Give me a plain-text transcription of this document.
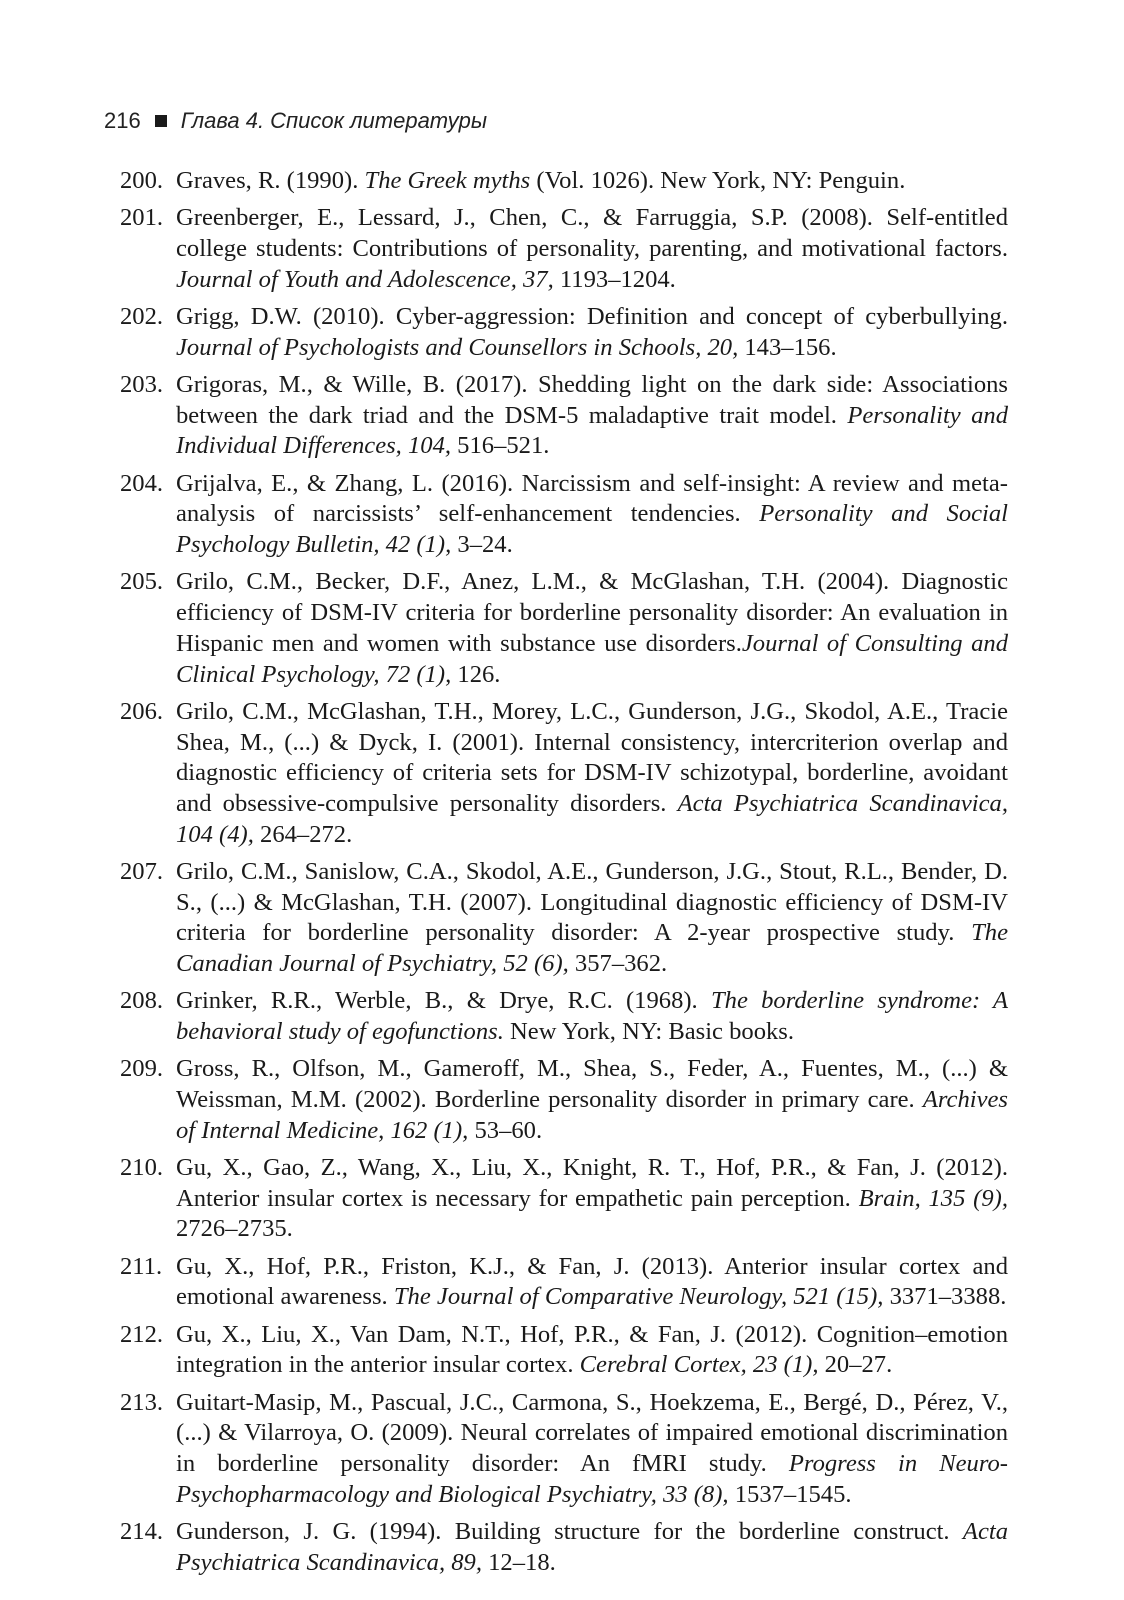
216 Глава 4. Список литературы
200. Graves, R. (1990). The Greek myths (Vol. 1026). New York, NY: Penguin.
201. Greenberger, E., Lessard, J., Chen, C., & Farruggia, S.P. (2008). Self-entitled college students: Contributions of personality, parenting, and motivational factors. Journal of Youth and Adolescence, 37, 1193–1204.
202. Grigg, D.W. (2010). Cyber-aggression: Definition and concept of cyberbullying. Journal of Psychologists and Counsellors in Schools, 20, 143–156.
203. Grigoras, M., & Wille, B. (2017). Shedding light on the dark side: Associations between the dark triad and the DSM-5 maladaptive trait model. Personality and Individual Differences, 104, 516–521.
204. Grijalva, E., & Zhang, L. (2016). Narcissism and self-insight: A review and meta-analysis of narcissists’ self-enhancement tendencies. Personality and Social Psychology Bulletin, 42 (1), 3–24.
205. Grilo, C.M., Becker, D.F., Anez, L.M., & McGlashan, T.H. (2004). Diagnostic efficiency of DSM-IV criteria for borderline personality disorder: An evaluation in Hispanic men and women with substance use disorders.Journal of Consulting and Clinical Psychology, 72 (1), 126.
206. Grilo, C.M., McGlashan, T.H., Morey, L.C., Gunderson, J.G., Skodol, A.E., Tracie Shea, M., (...) & Dyck, I. (2001). Internal consistency, intercriterion overlap and diagnostic efficiency of criteria sets for DSM-IV schizotypal, borderline, avoidant and obsessive-compulsive personality disorders. Acta Psychiatrica Scandinavica, 104 (4), 264–272.
207. Grilo, C.M., Sanislow, C.A., Skodol, A.E., Gunderson, J.G., Stout, R.L., Bender, D. S., (...) & McGlashan, T.H. (2007). Longitudinal diagnostic efficiency of DSM-IV criteria for borderline personality disorder: A 2-year prospective study. The Canadian Journal of Psychiatry, 52 (6), 357–362.
208. Grinker, R.R., Werble, B., & Drye, R.C. (1968). The borderline syndrome: A behavioral study of egofunctions. New York, NY: Basic books.
209. Gross, R., Olfson, M., Gameroff, M., Shea, S., Feder, A., Fuentes, M., (...) & Weissman, M.M. (2002). Borderline personality disorder in primary care. Archives of Internal Medicine, 162 (1), 53–60.
210. Gu, X., Gao, Z., Wang, X., Liu, X., Knight, R. T., Hof, P.R., & Fan, J. (2012). Anterior insular cortex is necessary for empathetic pain perception. Brain, 135 (9), 2726–2735.
211. Gu, X., Hof, P.R., Friston, K.J., & Fan, J. (2013). Anterior insular cortex and emotional awareness. The Journal of Comparative Neurology, 521 (15), 3371–3388.
212. Gu, X., Liu, X., Van Dam, N.T., Hof, P.R., & Fan, J. (2012). Cognition–emotion integration in the anterior insular cortex. Cerebral Cortex, 23 (1), 20–27.
213. Guitart-Masip, M., Pascual, J.C., Carmona, S., Hoekzema, E., Bergé, D., Pérez, V., (...) & Vilarroya, O. (2009). Neural correlates of impaired emotional discrimination in borderline personality disorder: An fMRI study. Progress in Neuro-Psychopharmacology and Biological Psychiatry, 33 (8), 1537–1545.
214. Gunderson, J. G. (1994). Building structure for the borderline construct. Acta Psychiatrica Scandinavica, 89, 12–18.
